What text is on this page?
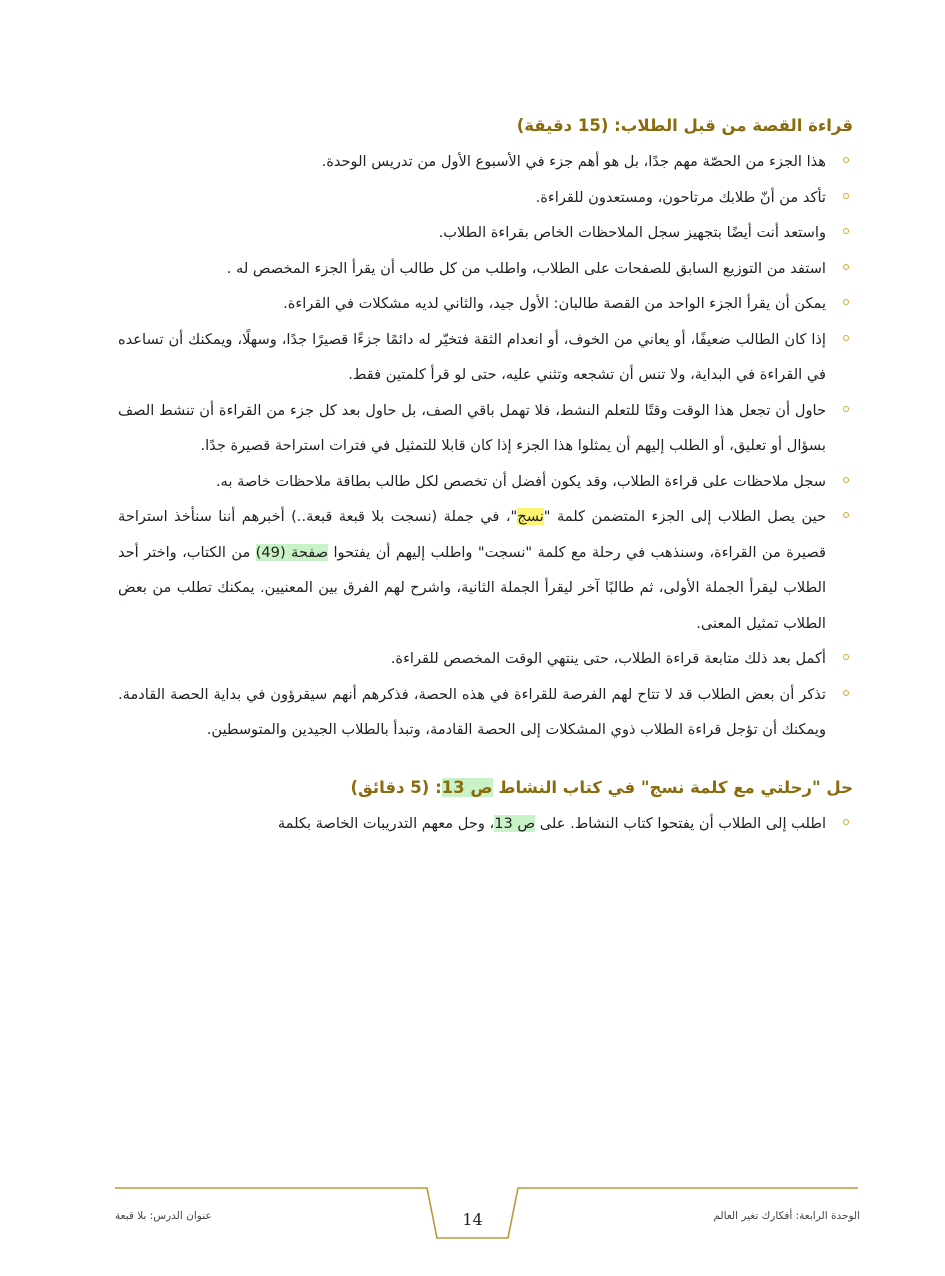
قراءة القصة من قبل الطلاب: (15 دقيقة)
هذا الجزء من الحصّة مهم جدًا، بل هو أهم جزء في الأسبوع الأول من تدريس الوحدة.
تأكد من أنّ طلابك مرتاحون، ومستعدون للقراءة.
واستعد أنت أيضًا بتجهيز سجل الملاحظات الخاص بقراءة الطلاب.
استفد من التوزيع السابق للصفحات على الطلاب، واطلب من كل طالب أن يقرأ الجزء المخصص له .
يمكن أن يقرأ الجزء الواحد من القصة طالبان: الأول جيد، والثاني لديه مشكلات في القراءة.
إذا كان الطالب ضعيفًا، أو يعاني من الخوف، أو انعدام الثقة فتخيّر له دائمًا جزءًا قصيرًا جدًا، وسهلًا، ويمكنك أن تساعده في القراءة في البداية، ولا تنس أن تشجعه وتثني عليه، حتى لو قرأ كلمتين فقط.
حاول أن تجعل هذا الوقت وقتًا للتعلم النشط، فلا تهمل باقي الصف، بل حاول بعد كل جزء من القراءة أن تنشط الصف بسؤال أو تعليق، أو الطلب إليهم أن يمثلوا هذا الجزء إذا كان قابلا للتمثيل في فترات استراحة قصيرة جدًا.
سجل ملاحظات على قراءة الطلاب، وقد يكون أفضل أن تخصص لكل طالب بطاقة ملاحظات خاصة به.
حين يصل الطلاب إلى الجزء المتضمن كلمة "نسج"، في جملة (نسجت بلا قبعة قبعة..) أخبرهم أننا سنأخذ استراحة قصيرة من القراءة، وسنذهب في رحلة مع كلمة "نسجت" واطلب إليهم أن يفتحوا صفحة (49) من الكتاب، واختر أحد الطلاب ليقرأ الجملة الأولى، ثم طالبًا آخر ليقرأ الجملة الثانية، واشرح لهم الفرق بين المعنيين. يمكنك تطلب من بعض الطلاب تمثيل المعنى.
أكمل بعد ذلك متابعة قراءة الطلاب، حتى ينتهي الوقت المخصص للقراءة.
تذكر أن بعض الطلاب قد لا تتاح لهم الفرصة للقراءة في هذه الحصة، فذكرهم أنهم سيقرؤون في بداية الحصة القادمة. ويمكنك أن تؤجل قراءة الطلاب ذوي المشكلات إلى الحصة القادمة، وتبدأ بالطلاب الجيدين والمتوسطين.
حل "رحلتي مع كلمة نسج" في كتاب النشاط ص 13: (5 دقائق)
اطلب إلى الطلاب أن يفتحوا كتاب النشاط. على ص 13، وحل معهم التدريبات الخاصة بكلمة
14	الوحدة الرابعة: أفكارك تغير العالم
عنوان الدرس: بلا قبعة
